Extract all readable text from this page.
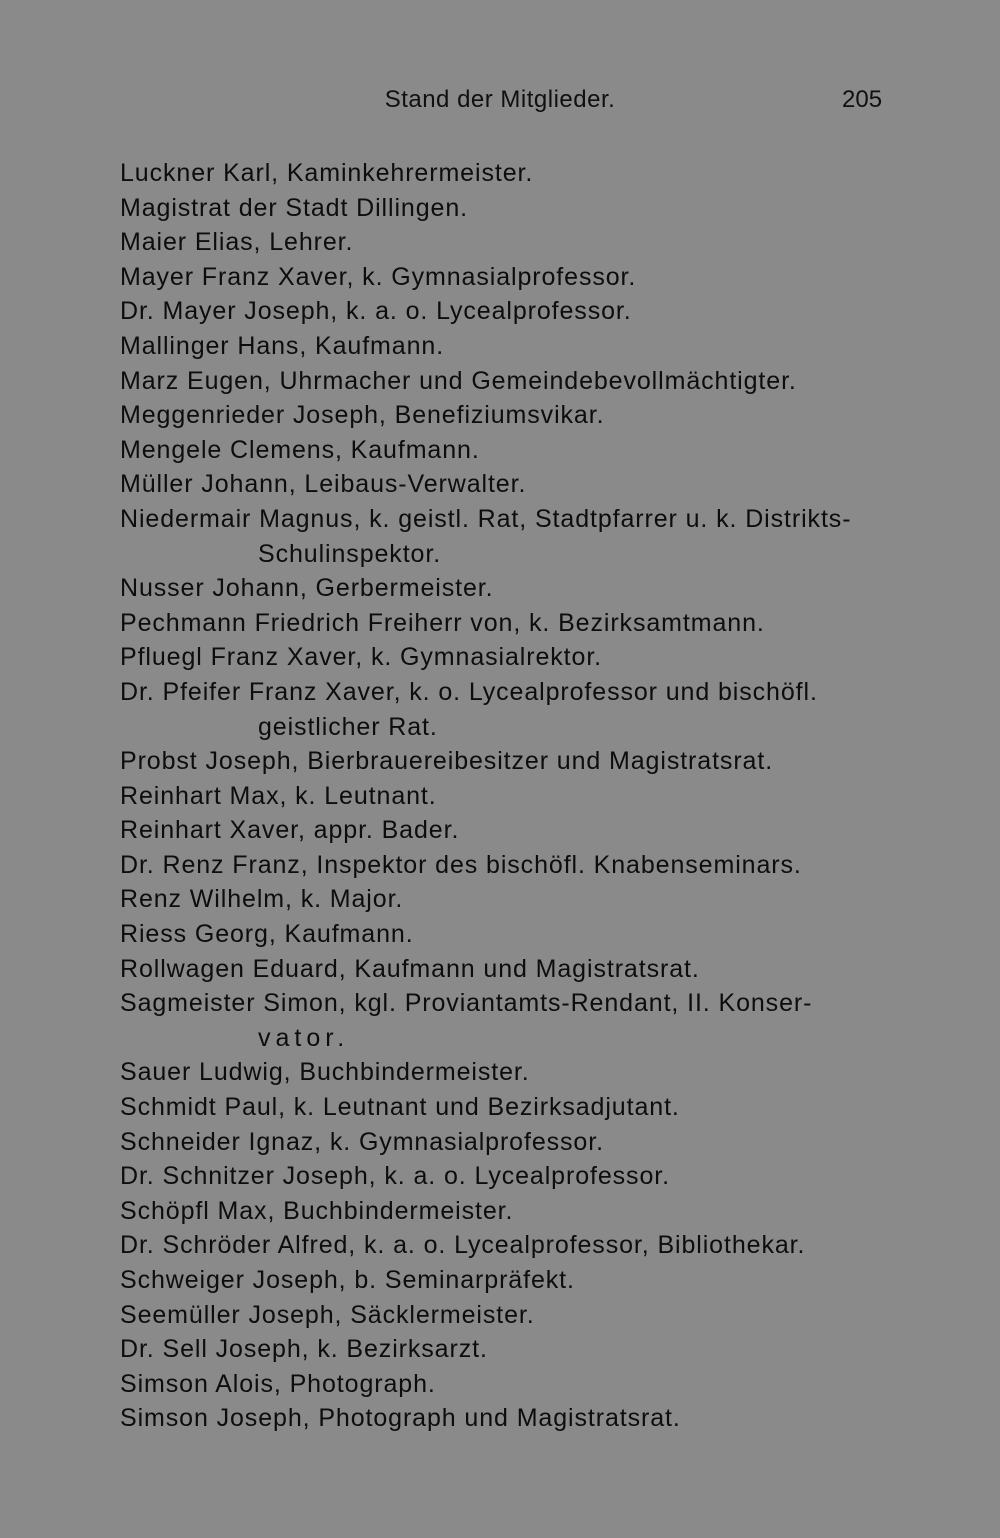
Stand der Mitglieder.	205
Luckner Karl, Kaminkehrermeister.
Magistrat der Stadt Dillingen.
Maier Elias, Lehrer.
Mayer Franz Xaver, k. Gymnasialprofessor.
Dr. Mayer Joseph, k. a. o. Lycealprofessor.
Mallinger Hans, Kaufmann.
Marz Eugen, Uhrmacher und Gemeindebevollmächtigter.
Meggenrieder Joseph, Benefiziumsvikar.
Mengele Clemens, Kaufmann.
Müller Johann, Leibaus-Verwalter.
Niedermair Magnus, k. geistl. Rat, Stadtpfarrer u. k. Distrikts-
Schulinspektor.
Nusser Johann, Gerbermeister.
Pechmann Friedrich Freiherr von, k. Bezirksamtmann.
Pfluegl Franz Xaver, k. Gymnasialrektor.
Dr. Pfeifer Franz Xaver, k. o. Lycealprofessor und bischöfl.
geistlicher Rat.
Probst Joseph, Bierbrauereibesitzer und Magistratsrat.
Reinhart Max, k. Leutnant.
Reinhart Xaver, appr. Bader.
Dr. Renz Franz, Inspektor des bischöfl. Knabenseminars.
Renz Wilhelm, k. Major.
Riess Georg, Kaufmann.
Rollwagen Eduard, Kaufmann und Magistratsrat.
Sagmeister Simon, kgl. Proviantamts-Rendant, II. Konser-
vator.
Sauer Ludwig, Buchbindermeister.
Schmidt Paul, k. Leutnant und Bezirksadjutant.
Schneider Ignaz, k. Gymnasialprofessor.
Dr. Schnitzer Joseph, k. a. o. Lycealprofessor.
Schöpfl Max, Buchbindermeister.
Dr. Schröder Alfred, k. a. o. Lycealprofessor, Bibliothekar.
Schweiger Joseph, b. Seminarpräfekt.
Seemüller Joseph, Säcklermeister.
Dr. Sell Joseph, k. Bezirksarzt.
Simson Alois, Photograph.
Simson Joseph, Photograph und Magistratsrat.
